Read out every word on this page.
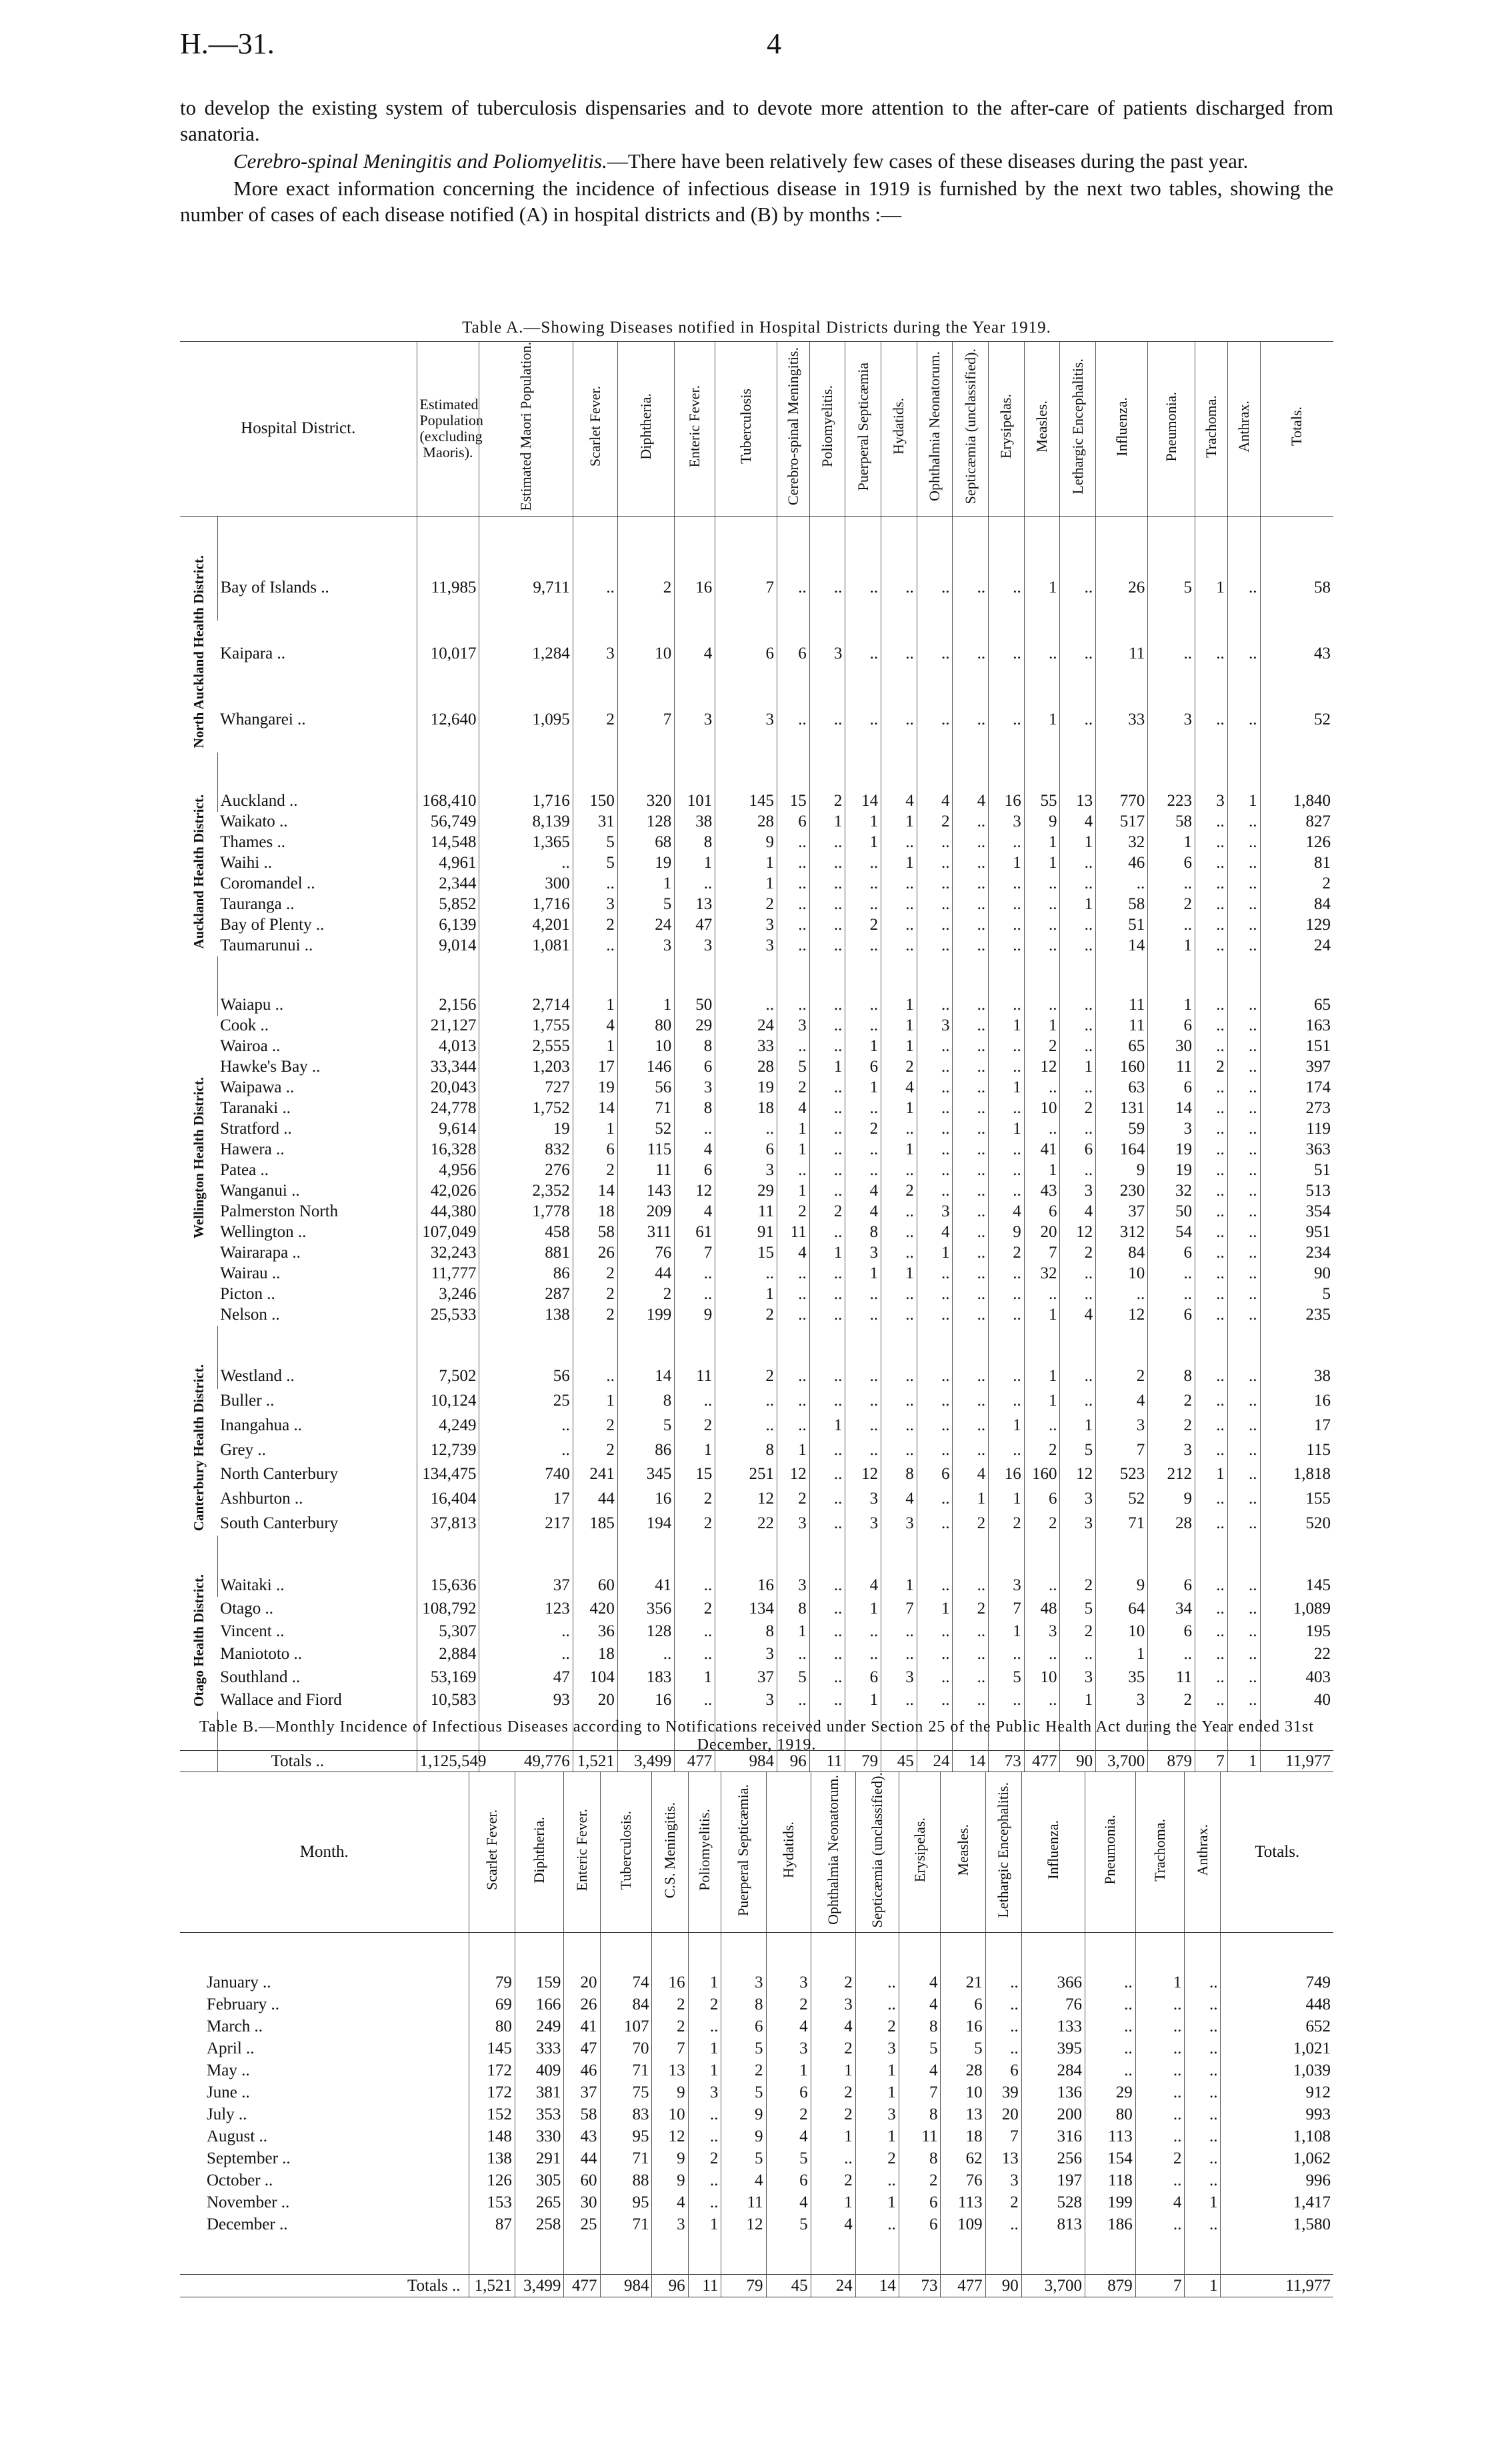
H.—31.	4

to develop the existing system of tuberculosis dispensaries and to devote more attention to the after-care of patients discharged from sanatoria.

Cerebro-spinal Meningitis and Poliomyelitis.—There have been relatively few cases of these diseases during the past year.

More exact information concerning the incidence of infectious disease in 1919 is furnished by the next two tables, showing the number of cases of each disease notified (A) in hospital districts and (B) by months :—

Table A.—Showing Diseases notified in Hospital Districts during the Year 1919.
Hospital District.		Estimated Population (excluding Maoris).	Estimated Maori Population.	Scarlet Fever.	Diphtheria.	Enteric Fever.	Tuberculosis	Cerebro-spinal Meningitis.	Poliomyelitis.	Puerperal Septicæmia	Hydatids.	Ophthalmia Neonatorum.	Septicæmia (unclassified).	Erysipelas.	Measles.	Lethargic Encephalitis.	Influenza.	Pneumonia.	Trachoma.	Anthrax.	Totals.

North Auckland Health District.	Bay of Islands ..	11,985	9,711	..	2	16	7	..	..	..	..	..	..	..	1	..	26	5	1	..	58
	Kaipara ..	10,017	1,284	3	10	4	6	6	3	..	..	..	..	..	..	..	11	..	..	..	43
	Whangarei ..	12,640	1,095	2	7	3	3	..	..	..	..	..	..	..	1	..	33	3	..	..	52

Auckland Health District.	Auckland ..	168,410	1,716	150	320	101	145	15	2	14	4	4	4	16	55	13	770	223	3	1	1,840
	Waikato ..	56,749	8,139	31	128	38	28	6	1	1	1	2	..	3	9	4	517	58	..	..	827
	Thames ..	14,548	1,365	5	68	8	9	..	..	1	..	..	..	..	1	1	32	1	..	..	126
	Waihi ..	4,961	..	5	19	1	1	..	..	..	1	..	..	1	1	..	46	6	..	..	81
	Coromandel ..	2,344	300	..	1	..	1	..	..	..	..	..	..	..	..	..	..	..	..	..	2
	Tauranga ..	5,852	1,716	3	5	13	2	..	..	..	..	..	..	..	..	1	58	2	..	..	84
	Bay of Plenty ..	6,139	4,201	2	24	47	3	..	..	2	..	..	..	..	..	..	51	..	..	..	129
	Taumarunui ..	9,014	1,081	..	3	3	3	..	..	..	..	..	..	..	..	..	14	1	..	..	24

Wellington Health District.	Waiapu ..	2,156	2,714	1	1	50	..	..	..	..	1	..	..	..	..	..	11	1	..	..	65
	Cook ..	21,127	1,755	4	80	29	24	3	..	..	1	3	..	1	1	..	11	6	..	..	163
	Wairoa ..	4,013	2,555	1	10	8	33	..	..	1	1	..	..	..	2	..	65	30	..	..	151
	Hawke's Bay ..	33,344	1,203	17	146	6	28	5	1	6	2	..	..	..	12	1	160	11	2	..	397
	Waipawa ..	20,043	727	19	56	3	19	2	..	1	4	..	..	1	..	..	63	6	..	..	174
	Taranaki ..	24,778	1,752	14	71	8	18	4	..	..	1	..	..	..	10	2	131	14	..	..	273
	Stratford ..	9,614	19	1	52	..	..	1	..	2	..	..	..	1	..	..	59	3	..	..	119
	Hawera ..	16,328	832	6	115	4	6	1	..	..	1	..	..	..	41	6	164	19	..	..	363
	Patea ..	4,956	276	2	11	6	3	..	..	..	..	..	..	..	1	..	9	19	..	..	51
	Wanganui ..	42,026	2,352	14	143	12	29	1	..	4	2	..	..	..	43	3	230	32	..	..	513
	Palmerston North	44,380	1,778	18	209	4	11	2	2	4	..	3	..	4	6	4	37	50	..	..	354
	Wellington ..	107,049	458	58	311	61	91	11	..	8	..	4	..	9	20	12	312	54	..	..	951
	Wairarapa ..	32,243	881	26	76	7	15	4	1	3	..	1	..	2	7	2	84	6	..	..	234
	Wairau ..	11,777	86	2	44	..	..	..	..	1	1	..	..	..	32	..	10	..	..	..	90
	Picton ..	3,246	287	2	2	..	1	..	..	..	..	..	..	..	..	..	..	..	..	..	5
	Nelson ..	25,533	138	2	199	9	2	..	..	..	..	..	..	..	1	4	12	6	..	..	235

Canterbury Health District.	Westland ..	7,502	56	..	14	11	2	..	..	..	..	..	..	..	1	..	2	8	..	..	38
	Buller ..	10,124	25	1	8	..	..	..	..	..	..	..	..	..	1	..	4	2	..	..	16
	Inangahua ..	4,249	..	2	5	2	..	..	1	..	..	..	..	1	..	1	3	2	..	..	17
	Grey ..	12,739	..	2	86	1	8	1	..	..	..	..	..	..	2	5	7	3	..	..	115
	North Canterbury	134,475	740	241	345	15	251	12	..	12	8	6	4	16	160	12	523	212	1	..	1,818
	Ashburton ..	16,404	17	44	16	2	12	2	..	3	4	..	1	1	6	3	52	9	..	..	155
	South Canterbury	37,813	217	185	194	2	22	3	..	3	3	..	2	2	2	3	71	28	..	..	520

Otago Health District.	Waitaki ..	15,636	37	60	41	..	16	3	..	4	1	..	..	3	..	2	9	6	..	..	145
	Otago ..	108,792	123	420	356	2	134	8	..	1	7	1	2	7	48	5	64	34	..	..	1,089
	Vincent ..	5,307	..	36	128	..	8	1	..	..	..	..	..	1	3	2	10	6	..	..	195
	Maniototo ..	2,884	..	18	..	..	3	..	..	..	..	..	..	..	..	..	1	..	..	..	22
	Southland ..	53,169	47	104	183	1	37	5	..	6	3	..	..	5	10	3	35	11	..	..	403
	Wallace and Fiord	10,583	93	20	16	..	3	..	..	1	..	..	..	..	..	1	3	2	..	..	40

	Totals ..	1,125,549	49,776	1,521	3,499	477	984	96	11	79	45	24	14	73	477	90	3,700	879	7	1	11,977
Table B.—Monthly Incidence of Infectious Diseases according to Notifications received under Section 25 of the Public Health Act during the Year ended 31st December, 1919.
Month.	Scarlet Fever.	Diphtheria.	Enteric Fever.	Tuberculosis.	C.S. Meningitis.	Poliomyelitis.	Puerperal Septicæmia.	Hydatids.	Ophthalmia Neonatorum.	Septicæmia (unclassified).	Erysipelas.	Measles.	Lethargic Encephalitis.	Influenza.	Pneumonia.	Trachoma.	Anthrax.	Totals.

January ..	79	159	20	74	16	1	3	3	2	..	4	21	..	366	..	1	..	749
February ..	69	166	26	84	2	2	8	2	3	..	4	6	..	76	..	..	..	448
March ..	80	249	41	107	2	..	6	4	4	2	8	16	..	133	..	..	..	652
April ..	145	333	47	70	7	1	5	3	2	3	5	5	..	395	..	..	..	1,021
May ..	172	409	46	71	13	1	2	1	1	1	4	28	6	284	..	..	..	1,039
June ..	172	381	37	75	9	3	5	6	2	1	7	10	39	136	29	..	..	912
July ..	152	353	58	83	10	..	9	2	2	3	8	13	20	200	80	..	..	993
August ..	148	330	43	95	12	..	9	4	1	1	11	18	7	316	113	..	..	1,108
September ..	138	291	44	71	9	2	5	5	..	2	8	62	13	256	154	2	..	1,062
October ..	126	305	60	88	9	..	4	6	2	..	2	76	3	197	118	..	..	996
November ..	153	265	30	95	4	..	11	4	1	1	6	113	2	528	199	4	1	1,417
December ..	87	258	25	71	3	1	12	5	4	..	6	109	..	813	186	..	..	1,580

Totals ..	1,521	3,499	477	984	96	11	79	45	24	14	73	477	90	3,700	879	7	1	11,977
